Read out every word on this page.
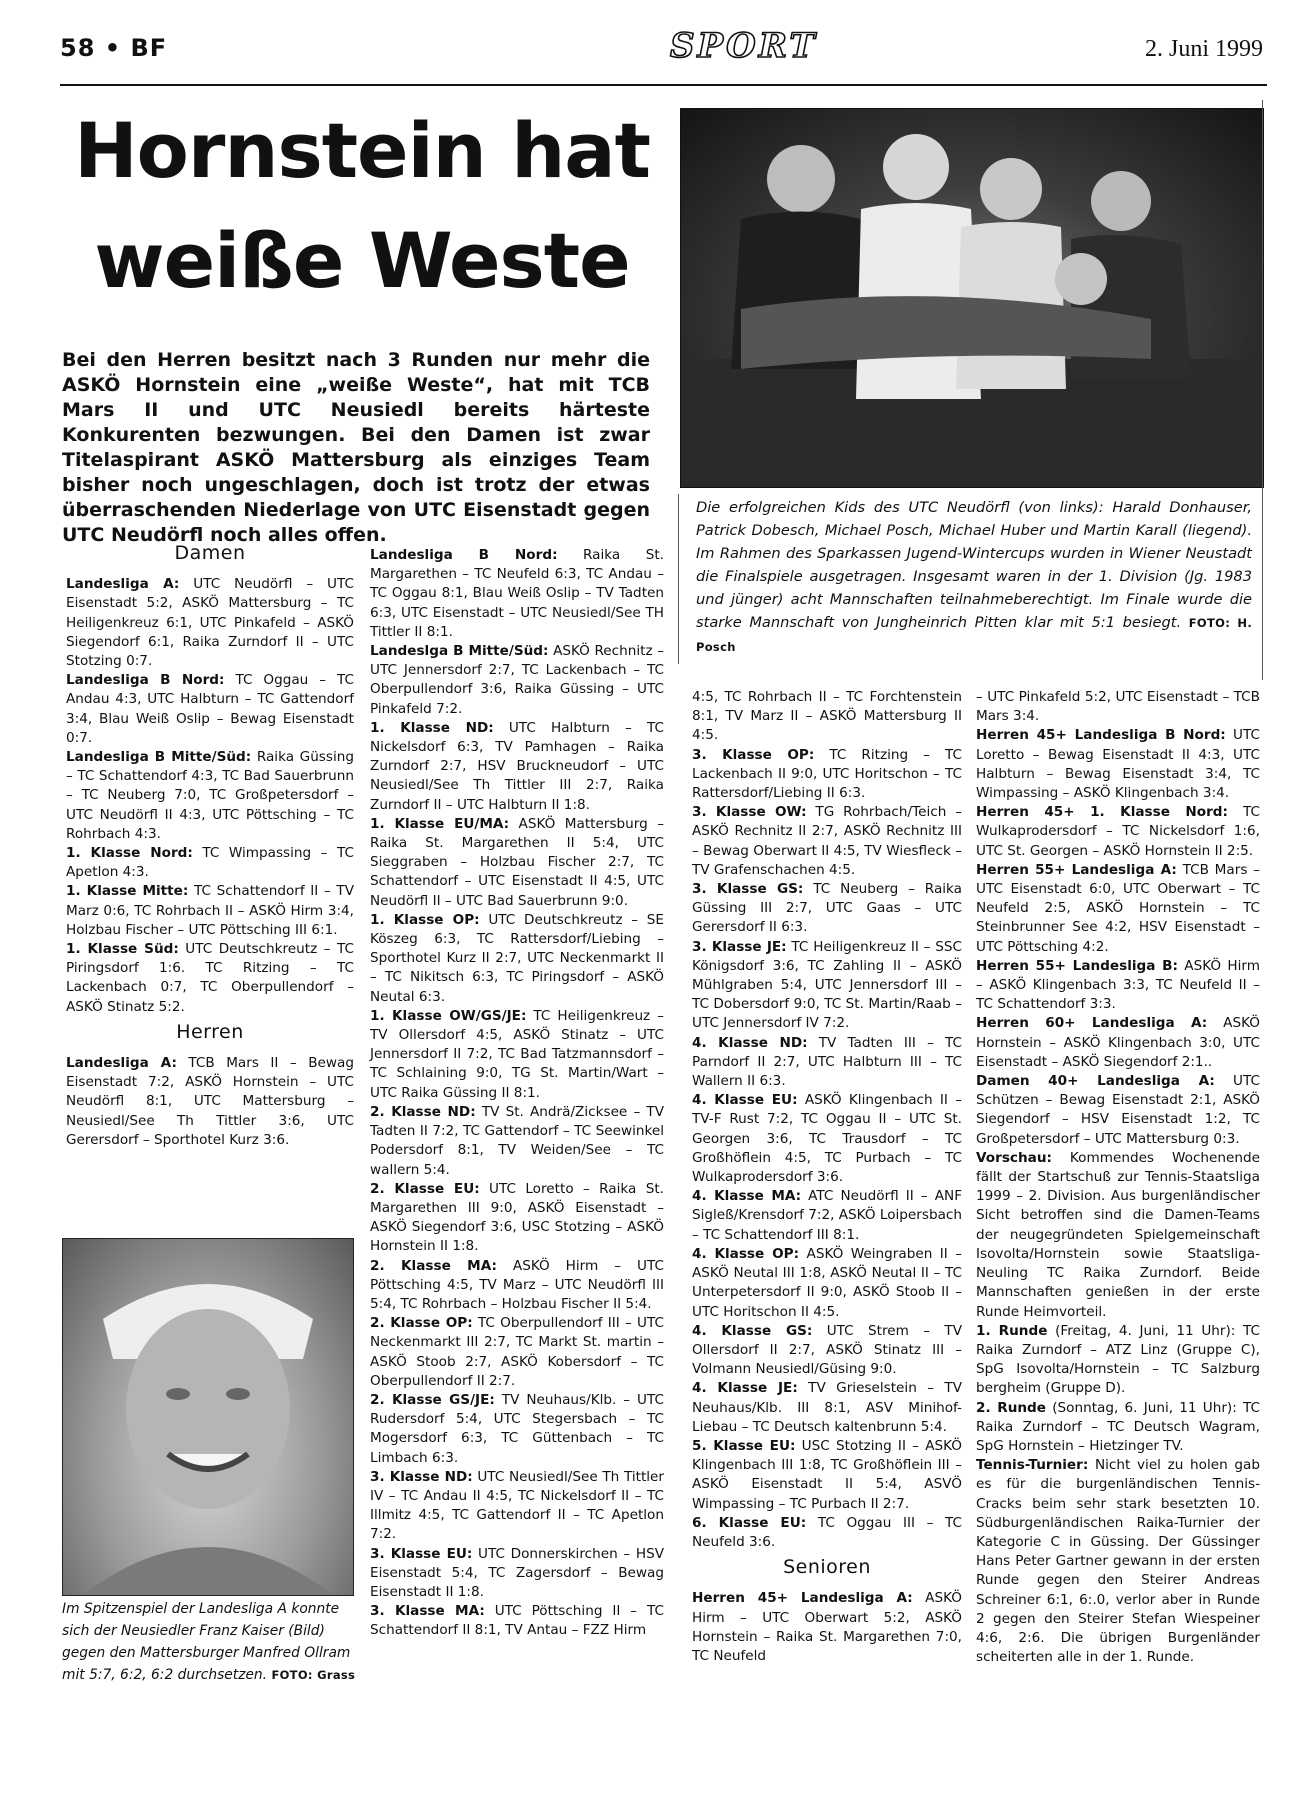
58 • BF	SPORT	2. Juni 1999
Hornstein hat
weiße Weste
Bei den Herren besitzt nach 3 Runden nur mehr die ASKÖ Hornstein eine „weiße Weste“, hat mit TCB Mars II und UTC Neusiedl bereits härteste Konkurenten bezwungen. Bei den Damen ist zwar Titelaspirant ASKÖ Mattersburg als einziges Team bisher noch ungeschlagen, doch ist trotz der etwas überraschenden Niederlage von UTC Eisenstadt gegen UTC Neudörfl noch alles offen.
Die erfolgreichen Kids des UTC Neudörfl (von links): Harald Donhauser, Patrick Dobesch, Michael Posch, Michael Huber und Martin Karall (liegend). Im Rahmen des Sparkassen Jugend-Wintercups wurden in Wiener Neustadt die Finalspiele ausgetragen. Insgesamt waren in der 1. Division (Jg. 1983 und jünger) acht Mannschaften teilnahmeberechtigt. Im Finale wurde die starke Mannschaft von Jungheinrich Pitten klar mit 5:1 besiegt. FOTO: H. Posch
Damen

Landesliga A: UTC Neudörfl – UTC Eisenstadt 5:2, ASKÖ Mattersburg – TC Heiligenkreuz 6:1, UTC Pinkafeld – ASKÖ Siegendorf 6:1, Raika Zurndorf II – UTC Stotzing 0:7.

Landesliga B Nord: TC Oggau – TC Andau 4:3, UTC Halbturn – TC Gattendorf 3:4, Blau Weiß Oslip – Bewag Eisenstadt 0:7.

Landesliga B Mitte/Süd: Raika Güssing – TC Schattendorf 4:3, TC Bad Sauerbrunn – TC Neuberg 7:0, TC Großpetersdorf – UTC Neudörfl II 4:3, UTC Pöttsching – TC Rohrbach 4:3.

1. Klasse Nord: TC Wimpassing – TC Apetlon 4:3.

1. Klasse Mitte: TC Schattendorf II – TV Marz 0:6, TC Rohrbach II – ASKÖ Hirm 3:4, Holzbau Fischer – UTC Pöttsching III 6:1.

1. Klasse Süd: UTC Deutschkreutz – TC Piringsdorf 1:6. TC Ritzing – TC Lackenbach 0:7, TC Oberpullendorf – ASKÖ Stinatz 5:2.

Herren

Landesliga A: TCB Mars II – Bewag Eisenstadt 7:2, ASKÖ Hornstein – UTC Neudörfl 8:1, UTC Mattersburg – Neusiedl/See Th Tittler 3:6, UTC Gerersdorf – Sporthotel Kurz 3:6.

Im Spitzenspiel der Landesliga A konnte sich der Neusiedler Franz Kaiser (Bild) gegen den Mattersburger Manfred Ollram mit 5:7, 6:2, 6:2 durchsetzen. FOTO: Grass

Landesliga B Nord: Raika St. Margarethen – TC Neufeld 6:3, TC Andau – TC Oggau 8:1, Blau Weiß Oslip – TV Tadten 6:3, UTC Eisenstadt – UTC Neusiedl/See TH Tittler II 8:1.

Landeslga B Mitte/Süd: ASKÖ Rechnitz – UTC Jennersdorf 2:7, TC Lackenbach – TC Oberpullendorf 3:6, Raika Güssing – UTC Pinkafeld 7:2.

1. Klasse ND: UTC Halbturn – TC Nickelsdorf 6:3, TV Pamhagen – Raika Zurndorf 2:7, HSV Bruckneudorf – UTC Neusiedl/See Th Tittler III 2:7, Raika Zurndorf II – UTC Halbturn II 1:8.

1. Klasse EU/MA: ASKÖ Mattersburg – Raika St. Margarethen II 5:4, UTC Sieggraben – Holzbau Fischer 2:7, TC Schattendorf – UTC Eisenstadt II 4:5, UTC Neudörfl II – UTC Bad Sauerbrunn 9:0.

1. Klasse OP: UTC Deutschkreutz – SE Köszeg 6:3, TC Rattersdorf/Liebing – Sporthotel Kurz II 2:7, UTC Neckenmarkt II – TC Nikitsch 6:3, TC Piringsdorf – ASKÖ Neutal 6:3.

1. Klasse OW/GS/JE: TC Heiligenkreuz – TV Ollersdorf 4:5, ASKÖ Stinatz – UTC Jennersdorf II 7:2, TC Bad Tatzmannsdorf – TC Schlaining 9:0, TG St. Martin/Wart – UTC Raika Güssing II 8:1.

2. Klasse ND: TV St. Andrä/Zicksee – TV Tadten II 7:2, TC Gattendorf – TC Seewinkel Podersdorf 8:1, TV Weiden/See – TC wallern 5:4.

2. Klasse EU: UTC Loretto – Raika St. Margarethen III 9:0, ASKÖ Eisenstadt – ASKÖ Siegendorf 3:6, USC Stotzing – ASKÖ Hornstein II 1:8.

2. Klasse MA: ASKÖ Hirm – UTC Pöttsching 4:5, TV Marz – UTC Neudörfl III 5:4, TC Rohrbach – Holzbau Fischer II 5:4.

2. Klasse OP: TC Oberpullendorf III – UTC Neckenmarkt III 2:7, TC Markt St. martin – ASKÖ Stoob 2:7, ASKÖ Kobersdorf – TC Oberpullendorf II 2:7.

2. Klasse GS/JE: TV Neuhaus/Klb. – UTC Rudersdorf 5:4, UTC Stegersbach – TC Mogersdorf 6:3, TC Güttenbach – TC Limbach 6:3.

3. Klasse ND: UTC Neusiedl/See Th Tittler IV – TC Andau II 4:5, TC Nickelsdorf II – TC Illmitz 4:5, TC Gattendorf II – TC Apetlon 7:2.

3. Klasse EU: UTC Donnerskirchen – HSV Eisenstadt 5:4, TC Zagersdorf – Bewag Eisenstadt II 1:8.

3. Klasse MA: UTC Pöttsching II – TC Schattendorf II 8:1, TV Antau – FZZ Hirm

4:5, TC Rohrbach II – TC Forchtenstein 8:1, TV Marz II – ASKÖ Mattersburg II 4:5.

3. Klasse OP: TC Ritzing – TC Lackenbach II 9:0, UTC Horitschon – TC Rattersdorf/Liebing II 6:3.

3. Klasse OW: TG Rohrbach/Teich – ASKÖ Rechnitz II 2:7, ASKÖ Rechnitz III – Bewag Oberwart II 4:5, TV Wiesfleck – TV Grafenschachen 4:5.

3. Klasse GS: TC Neuberg – Raika Güssing III 2:7, UTC Gaas – UTC Gerersdorf II 6:3.

3. Klasse JE: TC Heiligenkreuz II – SSC Königsdorf 3:6, TC Zahling II – ASKÖ Mühlgraben 5:4, UTC Jennersdorf III – TC Dobersdorf 9:0, TC St. Martin/Raab – UTC Jennersdorf IV 7:2.

4. Klasse ND: TV Tadten III – TC Parndorf II 2:7, UTC Halbturn III – TC Wallern II 6:3.

4. Klasse EU: ASKÖ Klingenbach II – TV-F Rust 7:2, TC Oggau II – UTC St. Georgen 3:6, TC Trausdorf – TC Großhöflein 4:5, TC Purbach – TC Wulkaprodersdorf 3:6.

4. Klasse MA: ATC Neudörfl II – ANF Sigleß/Krensdorf 7:2, ASKÖ Loipersbach – TC Schattendorf III 8:1.

4. Klasse OP: ASKÖ Weingraben II – ASKÖ Neutal III 1:8, ASKÖ Neutal II – TC Unterpetersdorf II 9:0, ASKÖ Stoob II – UTC Horitschon II 4:5.

4. Klasse GS: UTC Strem – TV Ollersdorf II 2:7, ASKÖ Stinatz III – Volmann Neusiedl/Güsing 9:0.

4. Klasse JE: TV Grieselstein – TV Neuhaus/Klb. III 8:1, ASV Minihof-Liebau – TC Deutsch kaltenbrunn 5:4.

5. Klasse EU: USC Stotzing II – ASKÖ Klingenbach III 1:8, TC Großhöflein III – ASKÖ Eisenstadt II 5:4, ASVÖ Wimpassing – TC Purbach II 2:7.

6. Klasse EU: TC Oggau III – TC Neufeld 3:6.

Senioren

Herren 45+ Landesliga A: ASKÖ Hirm – UTC Oberwart 5:2, ASKÖ Hornstein – Raika St. Margarethen 7:0, TC Neufeld

– UTC Pinkafeld 5:2, UTC Eisenstadt – TCB Mars 3:4.

Herren 45+ Landesliga B Nord: UTC Loretto – Bewag Eisenstadt II 4:3, UTC Halbturn – Bewag Eisenstadt 3:4, TC Wimpassing – ASKÖ Klingenbach 3:4.

Herren 45+ 1. Klasse Nord: TC Wulkaprodersdorf – TC Nickelsdorf 1:6, UTC St. Georgen – ASKÖ Hornstein II 2:5.

Herren 55+ Landesliga A: TCB Mars – UTC Eisenstadt 6:0, UTC Oberwart – TC Neufeld 2:5, ASKÖ Hornstein – TC Steinbrunner See 4:2, HSV Eisenstadt – UTC Pöttsching 4:2.

Herren 55+ Landesliga B: ASKÖ Hirm – ASKÖ Klingenbach 3:3, TC Neufeld II – TC Schattendorf 3:3.

Herren 60+ Landesliga A: ASKÖ Hornstein – ASKÖ Klingenbach 3:0, UTC Eisenstadt – ASKÖ Siegendorf 2:1..

Damen 40+ Landesliga A: UTC Schützen – Bewag Eisenstadt 2:1, ASKÖ Siegendorf – HSV Eisenstadt 1:2, TC Großpetersdorf – UTC Mattersburg 0:3.

Vorschau: Kommendes Wochenende fällt der Startschuß zur Tennis-Staatsliga 1999 – 2. Division. Aus burgenländischer Sicht betroffen sind die Damen-Teams der neugegründeten Spielgemeinschaft Isovolta/Hornstein sowie Staatsliga-Neuling TC Raika Zurndorf. Beide Mannschaften genießen in der erste Runde Heimvorteil.

1. Runde (Freitag, 4. Juni, 11 Uhr): TC Raika Zurndorf – ATZ Linz (Gruppe C), SpG Isovolta/Hornstein – TC Salzburg bergheim (Gruppe D).

2. Runde (Sonntag, 6. Juni, 11 Uhr): TC Raika Zurndorf – TC Deutsch Wagram, SpG Hornstein – Hietzinger TV.

Tennis-Turnier: Nicht viel zu holen gab es für die burgenländischen Tennis-Cracks beim sehr stark besetzten 10. Südburgenländischen Raika-Turnier der Kategorie C in Güssing. Der Güssinger Hans Peter Gartner gewann in der ersten Runde gegen den Steirer Andreas Schreiner 6:1, 6:.0, verlor aber in Runde 2 gegen den Steirer Stefan Wiespeiner 4:6, 2:6. Die übrigen Burgenländer scheiterten alle in der 1. Runde.
